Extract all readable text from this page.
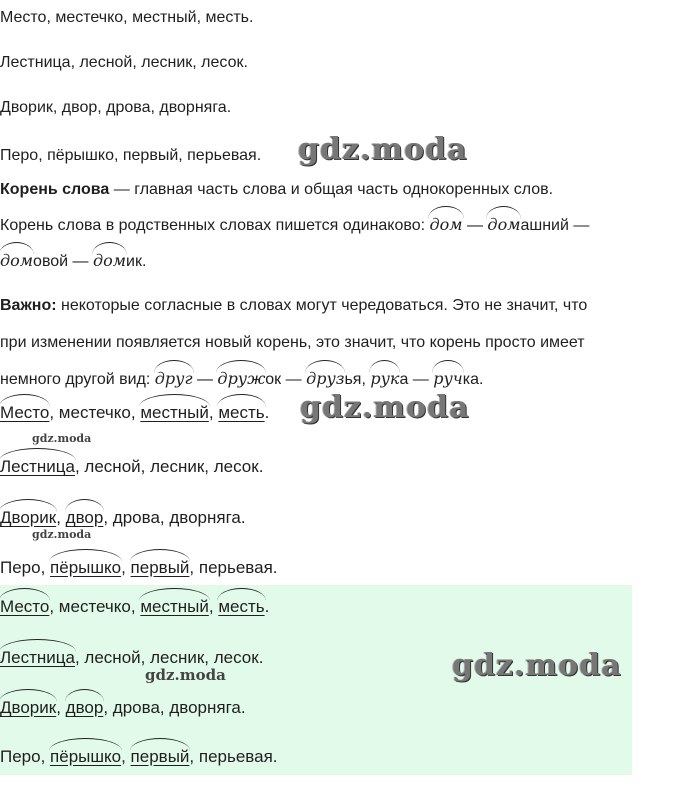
Место, местечко, местный, месть.
Лестница, лесной, лесник, лесок.
Дворик, двор, дрова, дворняга.
Перо, пёрышко, первый, перьевая.
Корень слова — главная часть слова и общая часть однокоренных слов.
Корень слова в родственных словах пишется одинаково: дом — домашний —
домовой — домик.
Важно: некоторые согласные в словах могут чередоваться. Это не значит, что
при изменении появляется новый корень, это значит, что корень просто имеет
немного другой вид: друг — дружок — друзья, рука — ручка.
Место, местечко, местный, месть.
Лестница, лесной, лесник, лесок.
Дворик, двор, дрова, дворняга.
Перо, пёрышко, первый, перьевая.
Место, местечко, местный, месть.
Лестница, лесной, лесник, лесок.
Дворик, двор, дрова, дворняга.
Перо, пёрышко, первый, перьевая.
gdz.moda
gdz.moda
gdz.moda
gdz.moda
gdz.moda
gdz.moda
